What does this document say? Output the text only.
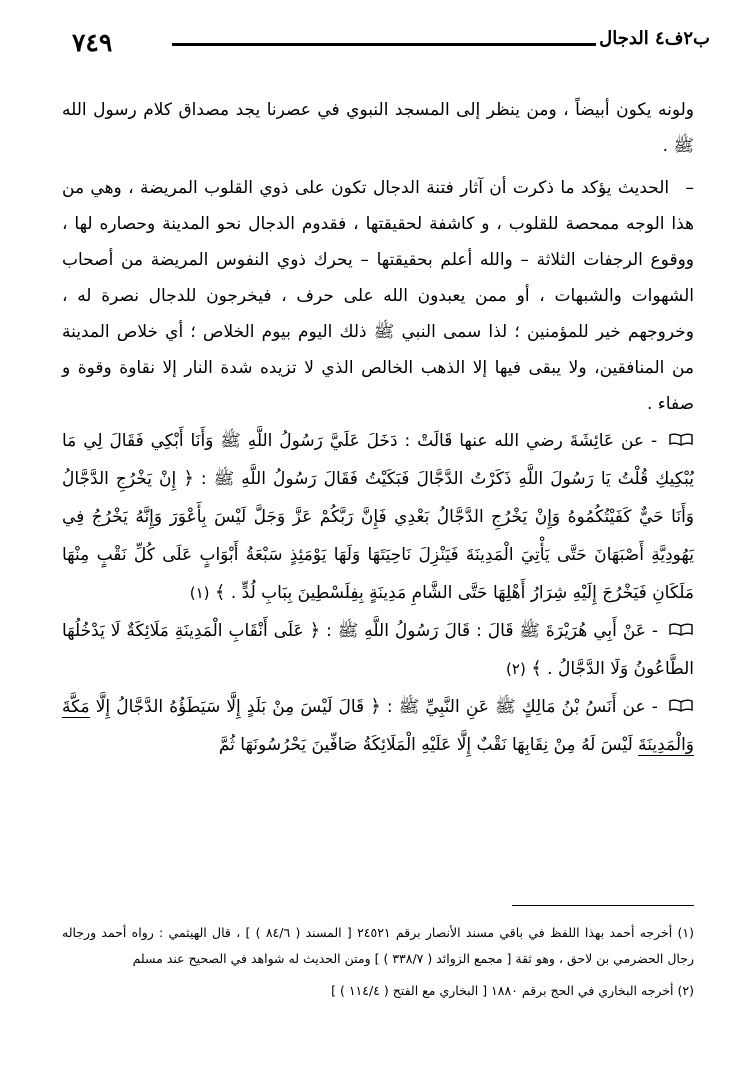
٧٤٩	ب٢ف٤ الدجال

ولونه يكون أبيضاً ، ومن ينظر إلى المسجد النبوي في عصرنا يجد مصداق كلام رسول الله ﷺ .

– الحديث يؤكد ما ذكرت أن آثار فتنة الدجال تكون على ذوي القلوب المريضة ، وهي من هذا الوجه ممحصة للقلوب ، و كاشفة لحقيقتها ، فقدوم الدجال نحو المدينة وحصاره لها ، ووقوع الرجفات الثلاثة – والله أعلم بحقيقتها – يحرك ذوي النفوس المريضة من أصحاب الشهوات والشبهات ، أو ممن يعبدون الله على حرف ، فيخرجون للدجال نصرة له ، وخروجهم خير للمؤمنين ؛ لذا سمى النبي ﷺ ذلك اليوم بيوم الخلاص ؛ أي خلاص المدينة من المنافقين، ولا يبقى فيها إلا الذهب الخالص الذي لا تزيده شدة النار إلا نقاوة وقوة و صفاء .

- عن عَائِشَةَ رضي الله عنها قَالَتْ : دَخَلَ عَلَيَّ رَسُولُ اللَّهِ ﷺ وَأَنَا أَبْكِي فَقَالَ لِي مَا يُبْكِيكِ قُلْتُ يَا رَسُولَ اللَّهِ ذَكَرْتُ الدَّجَّالَ فَبَكَيْتُ فَقَالَ رَسُولُ اللَّهِ ﷺ : ﴿ إِنْ يَخْرُجِ الدَّجَّالُ وَأَنَا حَيٌّ كَفَيْتُكُمُوهُ وَإِنْ يَخْرُجِ الدَّجَّالُ بَعْدِي فَإِنَّ رَبَّكُمْ عَزَّ وَجَلَّ لَيْسَ بِأَعْوَرَ وَإِنَّهُ يَخْرُجُ فِي يَهُودِيَّةِ أَصْبَهَانَ حَتَّى يَأْتِيَ الْمَدِينَةَ فَيَنْزِلَ نَاحِيَتَهَا وَلَهَا يَوْمَئِذٍ سَبْعَةُ أَبْوَابٍ عَلَى كُلِّ نَقْبٍ مِنْهَا مَلَكَانِ فَيَخْرُجَ إِلَيْهِ شِرَارُ أَهْلِهَا حَتَّى الشَّامِ مَدِينَةٍ بِفِلَسْطِينَ بِبَابِ لُدٍّ . ﴾ (١)

- عَنْ أَبِي هُرَيْرَةَ ﷺ قَالَ : قَالَ رَسُولُ اللَّهِ ﷺ : ﴿ عَلَى أَنْقَابِ الْمَدِينَةِ مَلَائِكَةٌ لَا يَدْخُلُهَا الطَّاعُونُ وَلَا الدَّجَّالُ . ﴾ (٢)

- عن أَنَسُ بْنُ مَالِكٍ ﷺ عَنِ النَّبِيِّ ﷺ : ﴿ قَالَ لَيْسَ مِنْ بَلَدٍ إِلَّا سَيَطَؤُهُ الدَّجَّالُ إِلَّا مَكَّةَ وَالْمَدِينَةَ لَيْسَ لَهُ مِنْ نِقَابِهَا نَقْبٌ إِلَّا عَلَيْهِ الْمَلَائِكَةُ صَافِّينَ يَحْرُسُونَهَا ثُمَّ

(١) أخرجه أحمد بهذا اللفظ في باقي مسند الأنصار برقم ٢٤٥٢١ [ المسند ( ٨٤/٦ ) ] ، قال الهيثمي : رواه أحمد ورجاله رجال الحضرمي بن لاحق ، وهو ثقة [ مجمع الزوائد ( ٣٣٨/٧ ) ] ومتن الحديث له شواهد في الصحيح عند مسلم

(٢) أخرجه البخاري في الحج برقم ١٨٨٠ [ البخاري مع الفتح ( ١١٤/٤ ) ]
